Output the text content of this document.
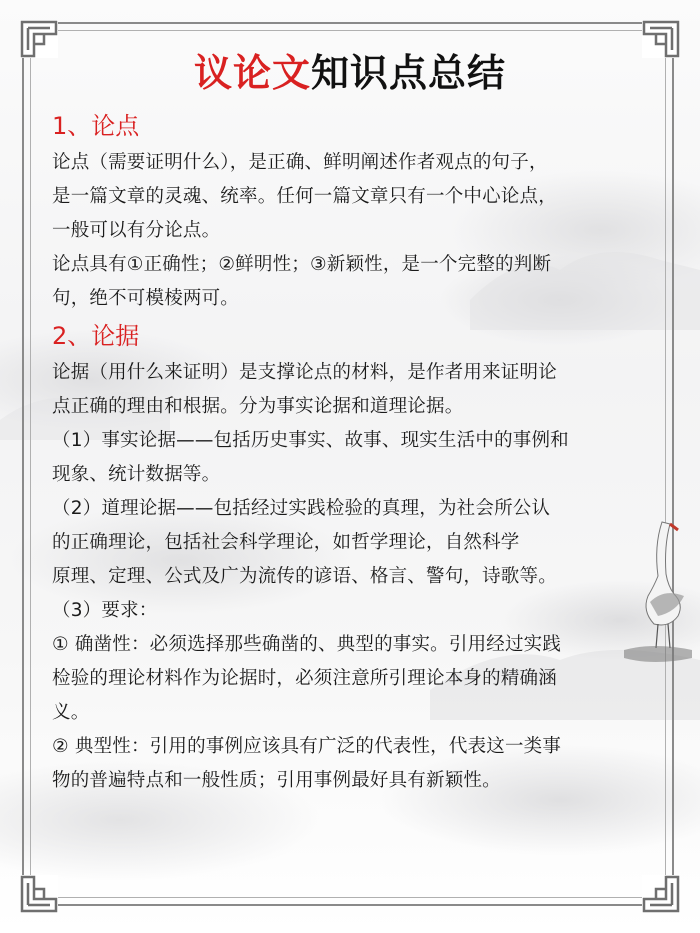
议论文知识点总结
1、论点

论点（需要证明什么），是正确、鲜明阐述作者观点的句子，
是一篇文章的灵魂、统率。任何一篇文章只有一个中心论点，
一般可以有分论点。

论点具有①正确性；②鲜明性；③新颖性，是一个完整的判断
句，绝不可模棱两可。

2、论据

论据（用什么来证明）是支撑论点的材料，是作者用来证明论
点正确的理由和根据。分为事实论据和道理论据。

（1）事实论据——包括历史事实、故事、现实生活中的事例和
现象、统计数据等。

（2）道理论据——包括经过实践检验的真理，为社会所公认
的正确理论，包括社会科学理论，如哲学理论，自然科学
原理、定理、公式及广为流传的谚语、格言、警句，诗歌等。

（3）要求：

① 确凿性：必须选择那些确凿的、典型的事实。引用经过实践
检验的理论材料作为论据时，必须注意所引理论本身的精确涵
义。

② 典型性：引用的事例应该具有广泛的代表性，代表这一类事
物的普遍特点和一般性质；引用事例最好具有新颖性。
